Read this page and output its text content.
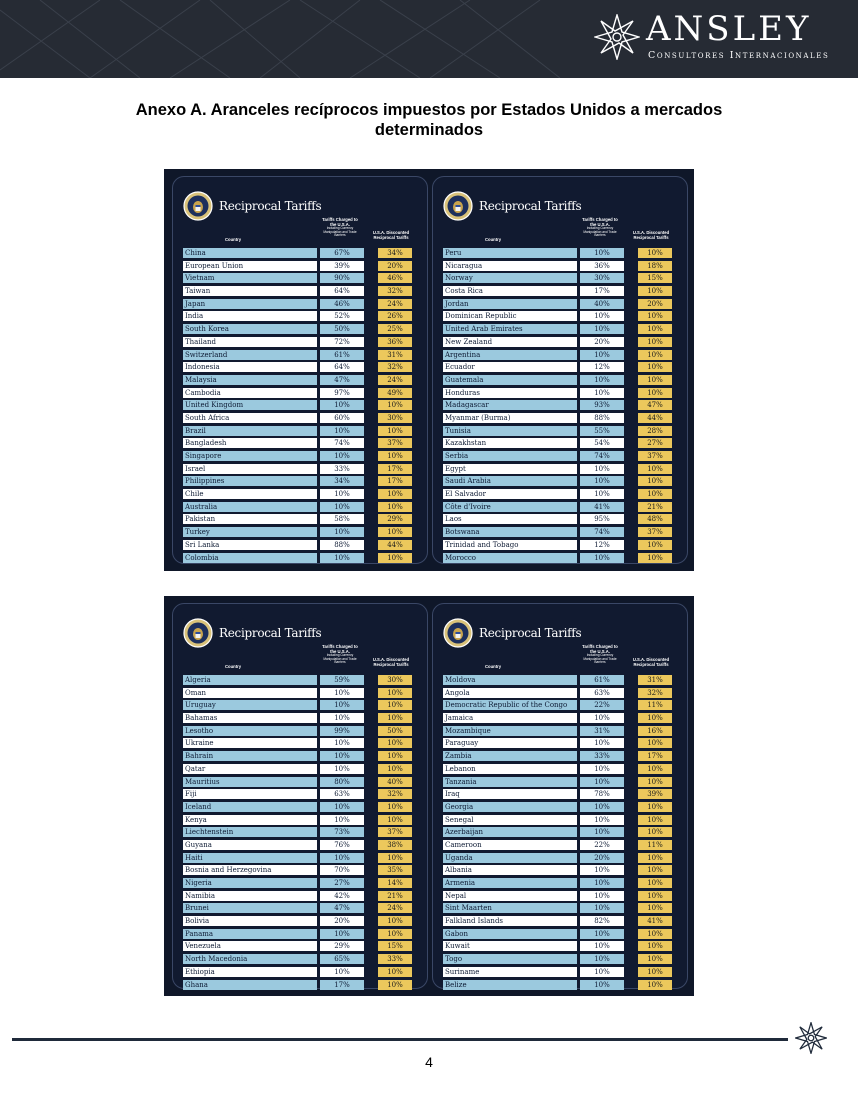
ANSLEY
Consultores Internacionales
Anexo A. Aranceles recíprocos impuestos por Estados Unidos a mercados determinados
Reciprocal Tariffs
Country
Tariffs Charged to the U.S.A.
Including Currency Manipulation and Trade Barriers
U.S.A. Discounted Reciprocal Tariffs
China	67%	34%
European Union	39%	20%
Vietnam	90%	46%
Taiwan	64%	32%
Japan	46%	24%
India	52%	26%
South Korea	50%	25%
Thailand	72%	36%
Switzerland	61%	31%
Indonesia	64%	32%
Malaysia	47%	24%
Cambodia	97%	49%
United Kingdom	10%	10%
South Africa	60%	30%
Brazil	10%	10%
Bangladesh	74%	37%
Singapore	10%	10%
Israel	33%	17%
Philippines	34%	17%
Chile	10%	10%
Australia	10%	10%
Pakistan	58%	29%
Turkey	10%	10%
Sri Lanka	88%	44%
Colombia	10%	10%
Reciprocal Tariffs
Country
Tariffs Charged to the U.S.A.
Including Currency Manipulation and Trade Barriers
U.S.A. Discounted Reciprocal Tariffs
Peru	10%	10%
Nicaragua	36%	18%
Norway	30%	15%
Costa Rica	17%	10%
Jordan	40%	20%
Dominican Republic	10%	10%
United Arab Emirates	10%	10%
New Zealand	20%	10%
Argentina	10%	10%
Ecuador	12%	10%
Guatemala	10%	10%
Honduras	10%	10%
Madagascar	93%	47%
Myanmar (Burma)	88%	44%
Tunisia	55%	28%
Kazakhstan	54%	27%
Serbia	74%	37%
Egypt	10%	10%
Saudi Arabia	10%	10%
El Salvador	10%	10%
Côte d'Ivoire	41%	21%
Laos	95%	48%
Botswana	74%	37%
Trinidad and Tobago	12%	10%
Morocco	10%	10%
Reciprocal Tariffs
Country
Tariffs Charged to the U.S.A.
Including Currency Manipulation and Trade Barriers
U.S.A. Discounted Reciprocal Tariffs
Algeria	59%	30%
Oman	10%	10%
Uruguay	10%	10%
Bahamas	10%	10%
Lesotho	99%	50%
Ukraine	10%	10%
Bahrain	10%	10%
Qatar	10%	10%
Mauritius	80%	40%
Fiji	63%	32%
Iceland	10%	10%
Kenya	10%	10%
Liechtenstein	73%	37%
Guyana	76%	38%
Haiti	10%	10%
Bosnia and Herzegovina	70%	35%
Nigeria	27%	14%
Namibia	42%	21%
Brunei	47%	24%
Bolivia	20%	10%
Panama	10%	10%
Venezuela	29%	15%
North Macedonia	65%	33%
Ethiopia	10%	10%
Ghana	17%	10%
Reciprocal Tariffs
Country
Tariffs Charged to the U.S.A.
Including Currency Manipulation and Trade Barriers
U.S.A. Discounted Reciprocal Tariffs
Moldova	61%	31%
Angola	63%	32%
Democratic Republic of the Congo	22%	11%
Jamaica	10%	10%
Mozambique	31%	16%
Paraguay	10%	10%
Zambia	33%	17%
Lebanon	10%	10%
Tanzania	10%	10%
Iraq	78%	39%
Georgia	10%	10%
Senegal	10%	10%
Azerbaijan	10%	10%
Cameroon	22%	11%
Uganda	20%	10%
Albania	10%	10%
Armenia	10%	10%
Nepal	10%	10%
Sint Maarten	10%	10%
Falkland Islands	82%	41%
Gabon	10%	10%
Kuwait	10%	10%
Togo	10%	10%
Suriname	10%	10%
Belize	10%	10%
4
